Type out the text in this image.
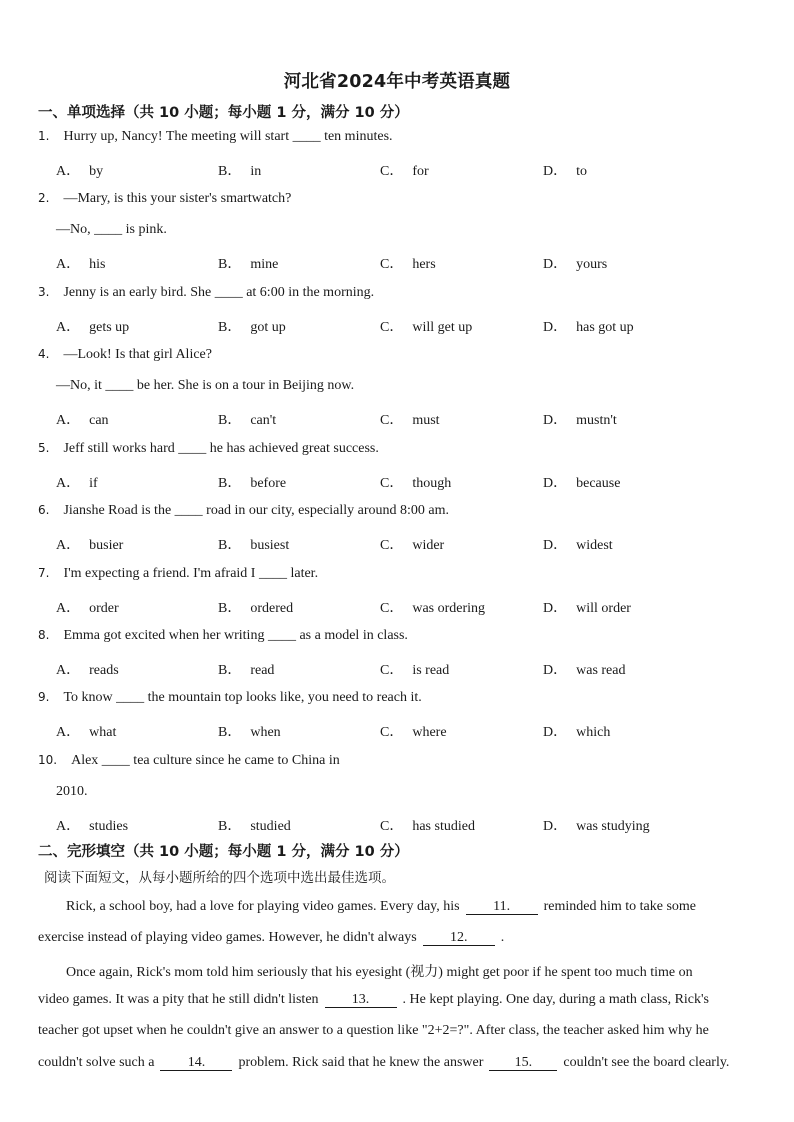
河北省2024年中考英语真题
一、单项选择（共 10 小题；每小题 1 分，满分 10 分）
1. Hurry up, Nancy! The meeting will start ____ ten minutes.
A． by	B． in	C． for	D． to
2. —Mary, is this your sister's smartwatch?
—No, ____ is pink.
A． his	B． mine	C． hers	D． yours
3. Jenny is an early bird. She ____ at 6:00 in the morning.
A． gets up	B． got up	C． will get up	D． has got up
4. —Look! Is that girl Alice?
—No, it ____ be her. She is on a tour in Beijing now.
A． can	B． can't	C． must	D． mustn't
5. Jeff still works hard ____ he has achieved great success.
A． if	B． before	C． though	D． because
6. Jianshe Road is the ____ road in our city, especially around 8:00 am.
A． busier	B． busiest	C． wider	D． widest
7. I'm expecting a friend. I'm afraid I ____ later.
A． order	B． ordered	C． was ordering	D． will order
8. Emma got excited when her writing ____ as a model in class.
A． reads	B． read	C． is read	D． was read
9. To know ____ the mountain top looks like, you need to reach it.
A． what	B． when	C． where	D． which
10. Alex ____ tea culture since he came to China in
2010.
A． studies	B． studied	C． has studied	D． was studying
二、完形填空（共 10 小题；每小题 1 分，满分 10 分）
阅读下面短文，从每小题所给的四个选项中选出最佳选项。
Rick, a school boy, had a love for playing video games. Every day, his 11. reminded him to take some
exercise instead of playing video games. However, he didn't always 12. .
Once again, Rick's mom told him seriously that his eyesight (视力) might get poor if he spent too much time on
video games. It was a pity that he still didn't listen 13. . He kept playing. One day, during a math class, Rick's
teacher got upset when he couldn't give an answer to a question like "2+2=?". After class, the teacher asked him why he
couldn't solve such a 14. problem. Rick said that he knew the answer 15. couldn't see the board clearly.
